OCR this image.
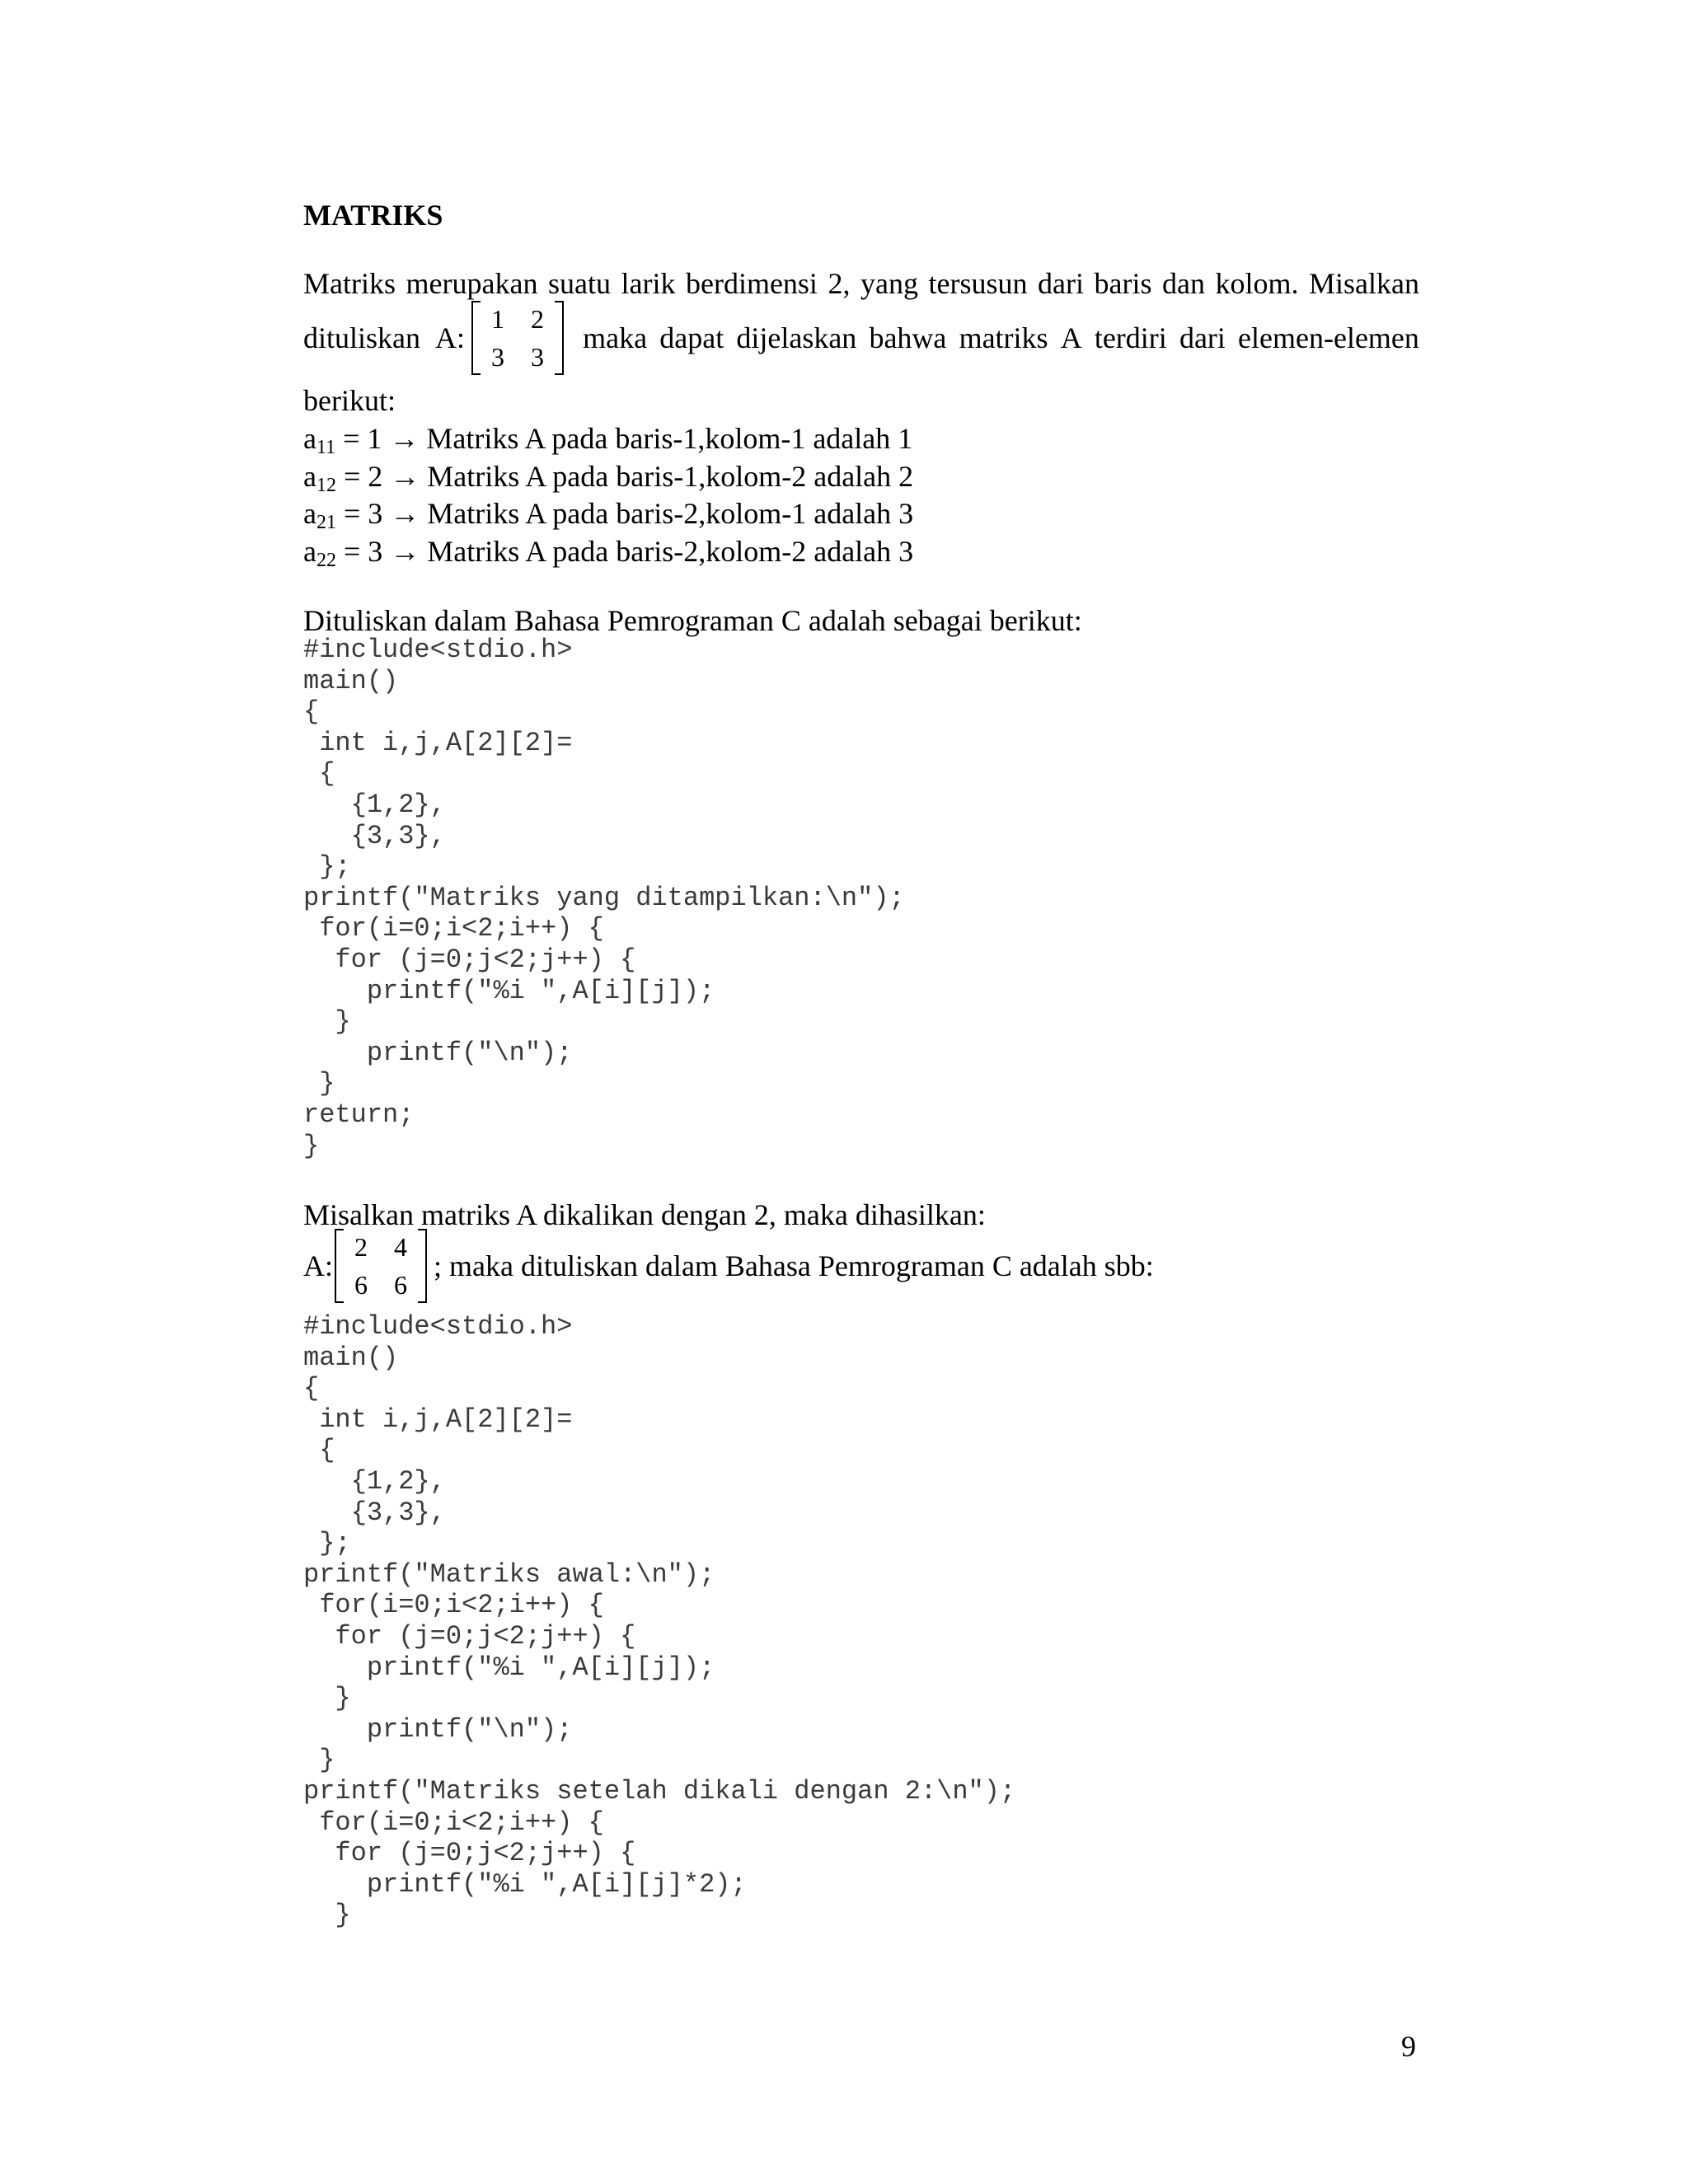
MATRIKS
Matriks merupakan suatu larik berdimensi 2, yang tersusun dari baris dan kolom. Misalkan
dituliskan A:
1 2
3 3
maka dapat dijelaskan bahwa matriks A terdiri dari elemen-elemen
berikut:
$a_{11} = 1$ → Matriks A pada baris-1,kolom-1 adalah 1
$a_{12} = 2$ → Matriks A pada baris-1,kolom-2 adalah 2
$a_{21} = 3$ → Matriks A pada baris-2,kolom-1 adalah 3
$a_{22} = 3$ → Matriks A pada baris-2,kolom-2 adalah 3
Dituliskan dalam Bahasa Pemrograman C adalah sebagai berikut:
#include<stdio.h>
main()
{
int i,j,A[2][2]=
{
{1,2},
{3,3},
};
printf("Matriks yang ditampilkan:\n");
for(i=0;i<2;i++) {
for (j=0;j<2;j++) {
printf("%i ",A[i][j]);
}
printf("\n");
}
return;
}
Misalkan matriks A dikalikan dengan 2, maka dihasilkan:
A:
2 4
6 6
; maka dituliskan dalam Bahasa Pemrograman C adalah sbb:
#include<stdio.h>
main()
{
int i,j,A[2][2]=
{
{1,2},
{3,3},
};
printf("Matriks awal:\n");
for(i=0;i<2;i++) {
for (j=0;j<2;j++) {
printf("%i ",A[i][j]);
}
printf("\n");
}
printf("Matriks setelah dikali dengan 2:\n");
for(i=0;i<2;i++) {
for (j=0;j<2;j++) {
printf("%i ",A[i][j]*2);
}
9
